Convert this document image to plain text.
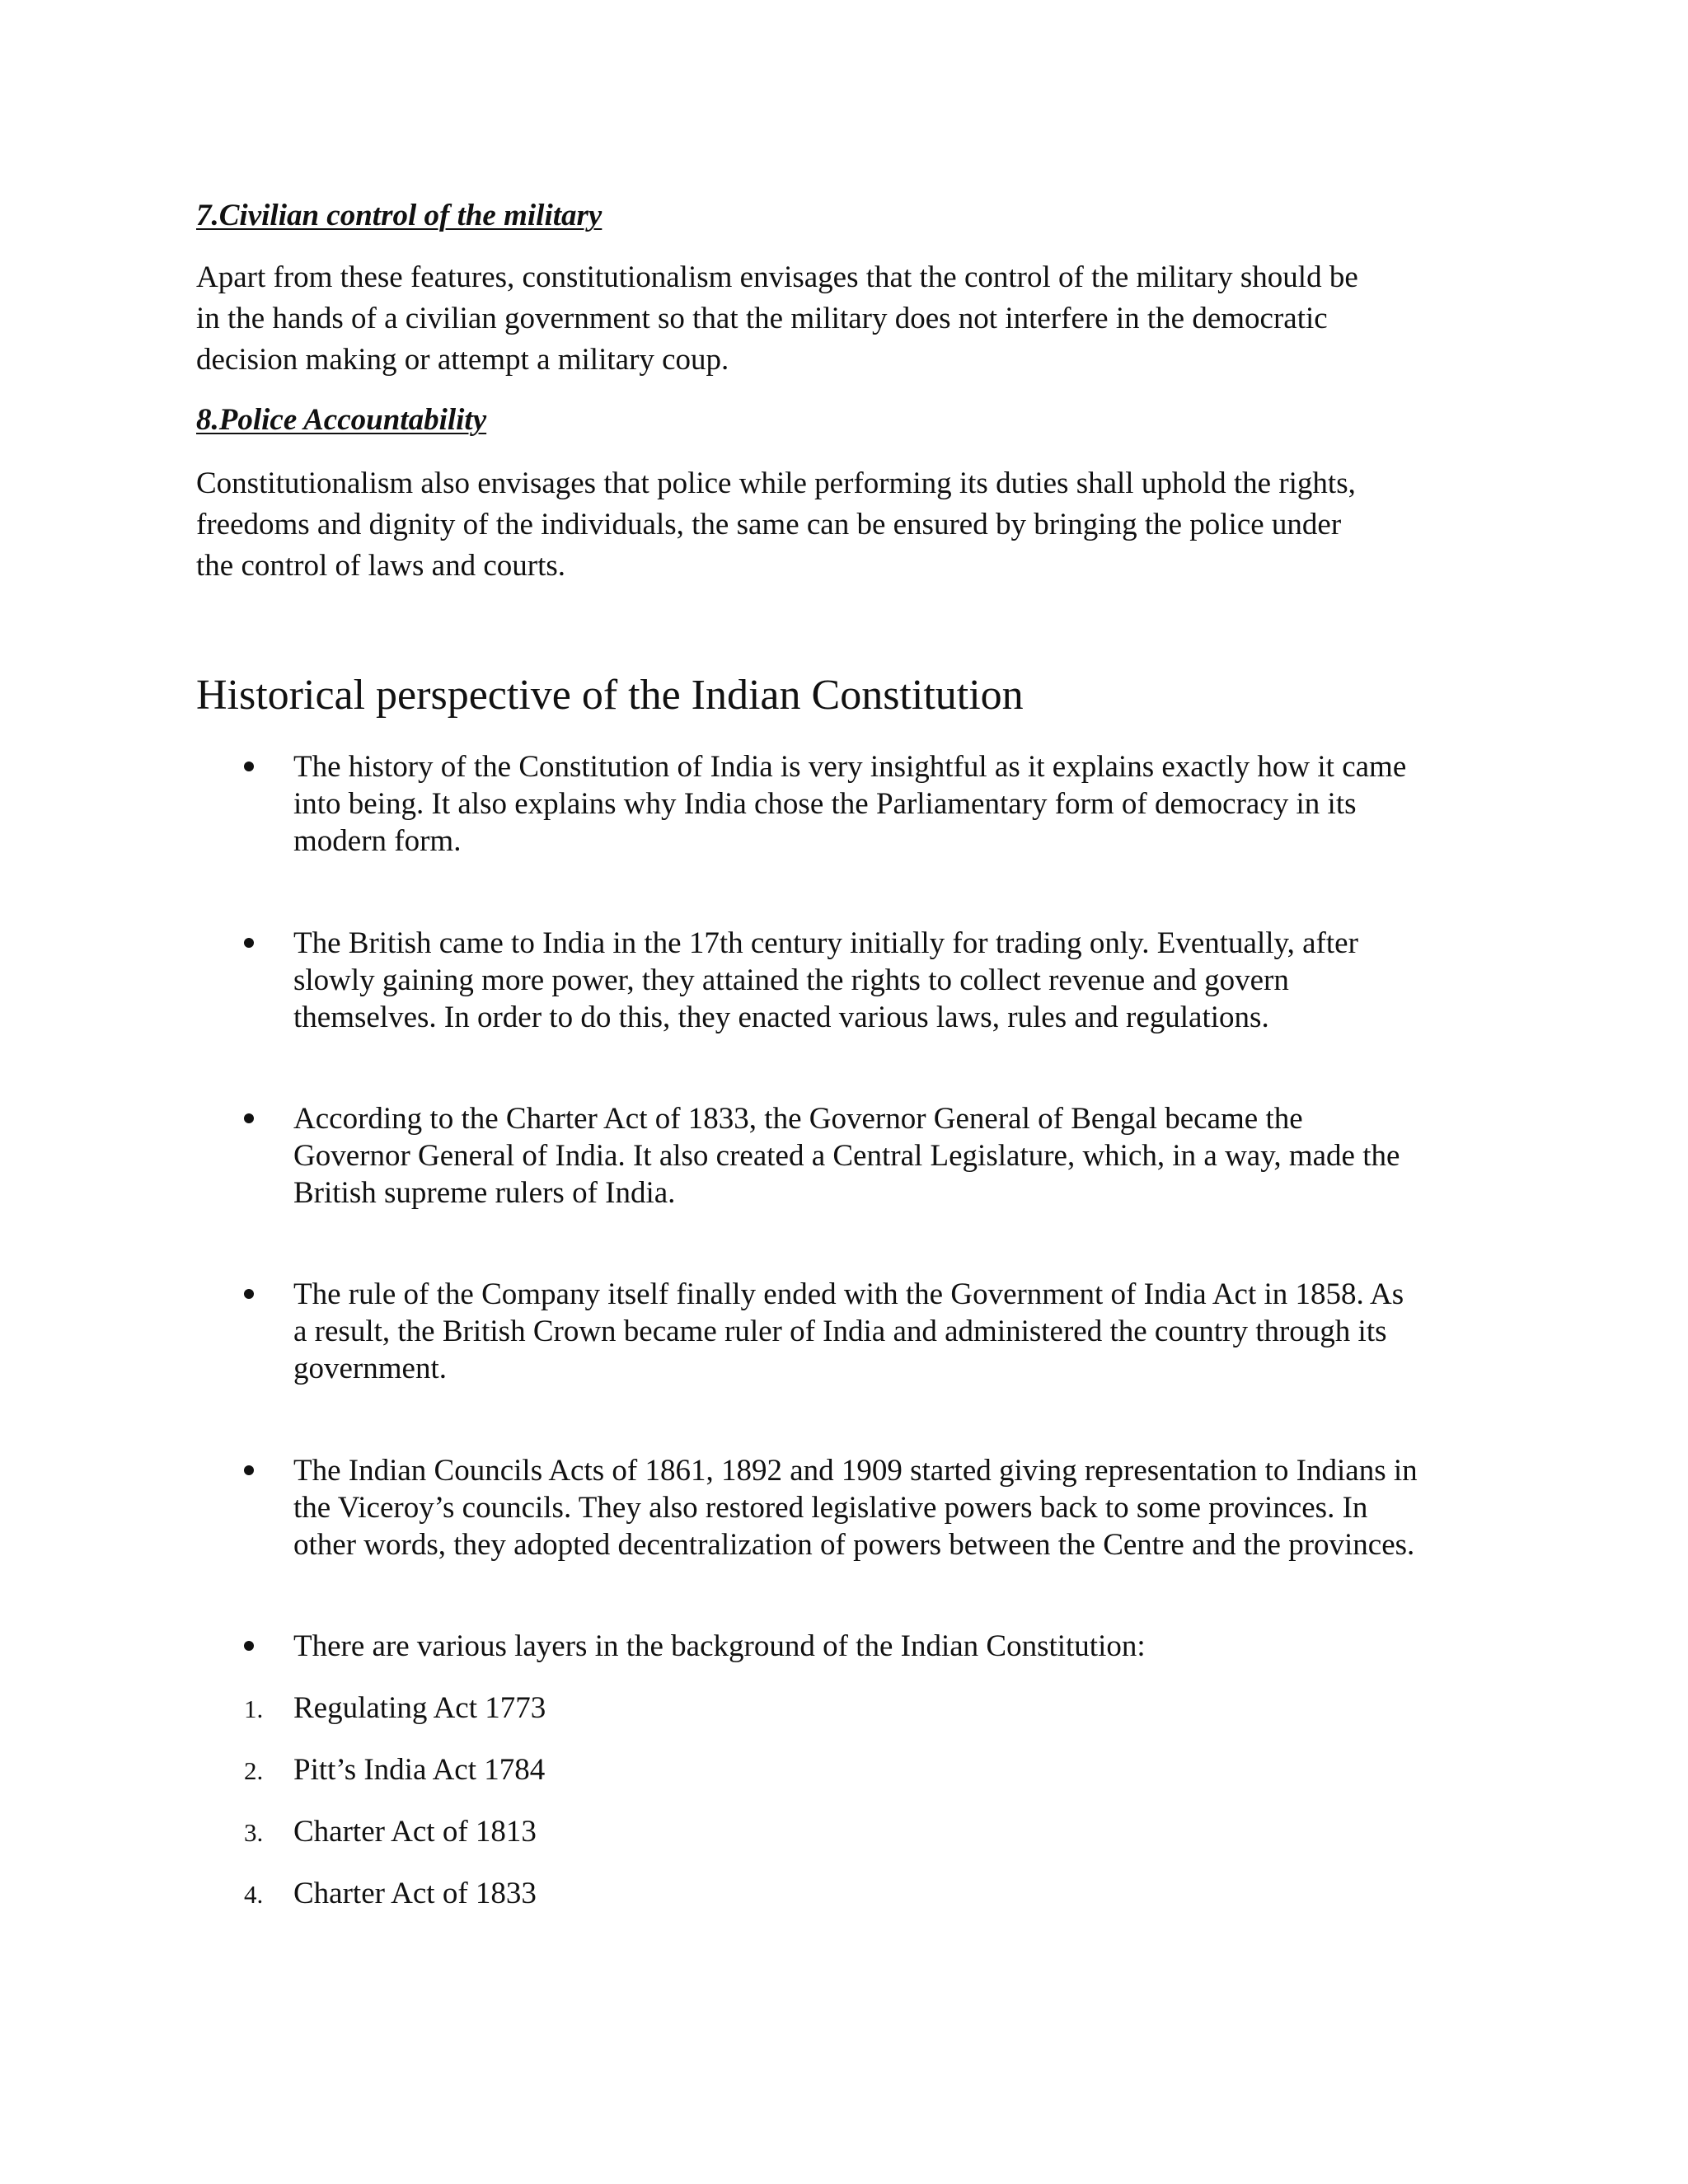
7.Civilian control of the military

Apart from these features, constitutionalism envisages that the control of the military should be
in the hands of a civilian government so that the military does not interfere in the democratic
decision making or attempt a military coup.

8.Police Accountability

Constitutionalism also envisages that police while performing its duties shall uphold the rights,
freedoms and dignity of the individuals, the same can be ensured by bringing the police under
the control of laws and courts.

Historical perspective of the Indian Constitution

The history of the Constitution of India is very insightful as it explains exactly how it came
into being. It also explains why India chose the Parliamentary form of democracy in its
modern form.

The British came to India in the 17th century initially for trading only. Eventually, after
slowly gaining more power, they attained the rights to collect revenue and govern
themselves. In order to do this, they enacted various laws, rules and regulations.

According to the Charter Act of 1833, the Governor General of Bengal became the
Governor General of India. It also created a Central Legislature, which, in a way, made the
British supreme rulers of India.

The rule of the Company itself finally ended with the Government of India Act in 1858. As
a result, the British Crown became ruler of India and administered the country through its
government.

The Indian Councils Acts of 1861, 1892 and 1909 started giving representation to Indians in
the Viceroy’s councils. They also restored legislative powers back to some provinces. In
other words, they adopted decentralization of powers between the Centre and the provinces.

There are various layers in the background of the Indian Constitution:

1. Regulating Act 1773
2. Pitt’s India Act 1784
3. Charter Act of 1813
4. Charter Act of 1833
